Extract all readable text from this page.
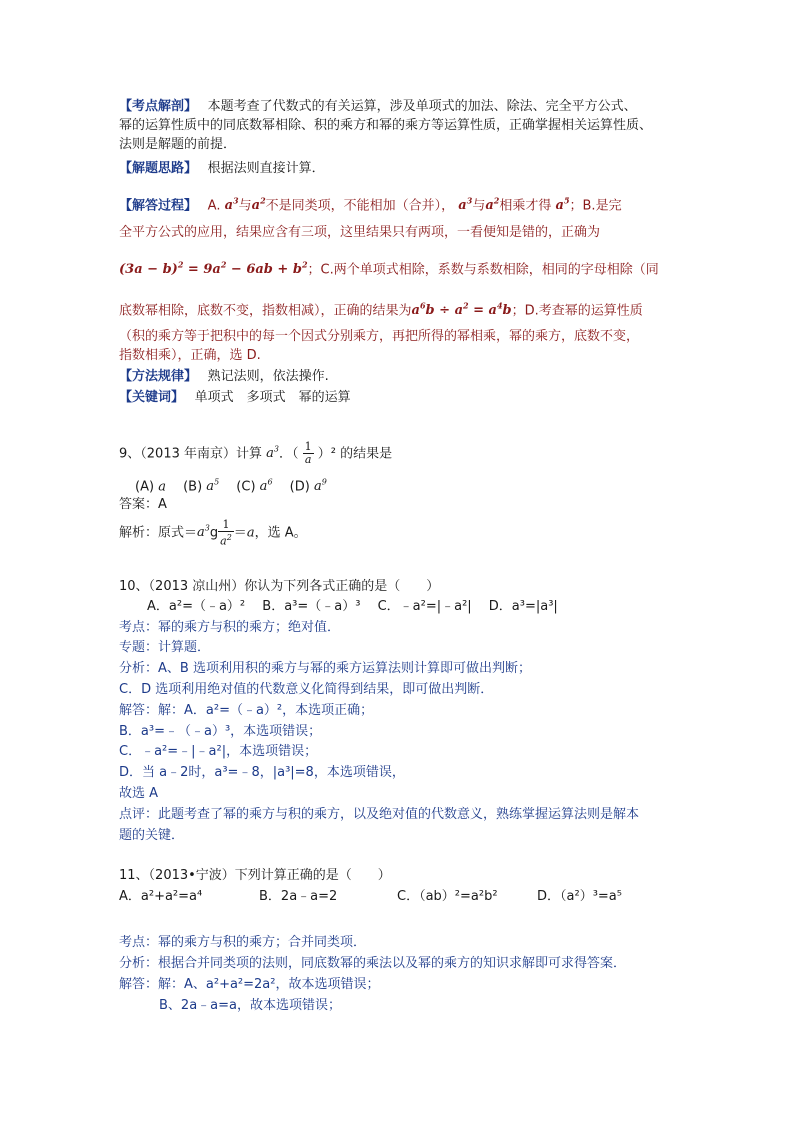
【考点解剖】　 本题考查了代数式的有关运算，涉及单项式的加法、除法、完全平方公式、
幂的运算性质中的同底数幂相除、积的乘方和幂的乘方等运算性质，正确掌握相关运算性质、
法则是解题的前提．
【解题思路】　 根据法则直接计算．
【解答过程】　 A. $a^3$与$a^2$不是同类项，不能相加（合并）， $a^3$与$a^2$相乘才得 $a^5$；B.是完
全平方公式的应用，结果应含有三项，这里结果只有两项，一看便知是错的，正确为
$(3a - b)^2 = 9a^2 - 6ab + b^2$；C.两个单项式相除，系数与系数相除，相同的字母相除（同
底数幂相除，底数不变，指数相减），正确的结果为$a^6b \div a^2 = a^4b$；D.考查幂的运算性质
（积的乘方等于把积中的每一个因式分别乘方，再把所得的幂相乘，幂的乘方，底数不变，
指数相乘），正确，选 D.
【方法规律】　 熟记法则，依法操作.
【关键词】　 单项式　多项式　幂的运算
9、（2013 年南京）计算 $a^3$．（ $\frac{1}{a} )^2$ 的结果是
(A) a　 (B) $a^5$　 (C) $a^6$　 (D) $a^9$
答案：A
解析：原式$=a^3g \frac{1}{a^2} =a$，选 A。
10、（2013 凉山州）你认为下列各式正确的是（　　）
A．a²=（﹣a）²　 B．a³=（﹣a）³　 C．﹣a²=|﹣a²|　 D．a³=|a³|
考点：幂的乘方与积的乘方；绝对值．
专题：计算题．
分析：A、B 选项利用积的乘方与幂的乘方运算法则计算即可做出判断；
C．D 选项利用绝对值的代数意义化简得到结果，即可做出判断．
解答：解：A．a²=（﹣a）²，本选项正确；
B．a³=﹣（﹣a）³，本选项错误；
C．﹣a²=﹣|﹣a²|，本选项错误；
D．当 a﹣2时，a³=﹣8，|a³|=8，本选项错误，
故选 A
点评：此题考查了幂的乘方与积的乘方，以及绝对值的代数意义，熟练掌握运算法则是解本
题的关键．
11、（2013•宁波）下列计算正确的是（　　）
A．a²+a²=a⁴	B．2a﹣a=2	C．（ab）²=a²b²	D．（a²）³=a⁵
考点：幂的乘方与积的乘方；合并同类项．
分析：根据合并同类项的法则，同底数幂的乘法以及幂的乘方的知识求解即可求得答案．
解答：解：A、a²+a²=2a²，故本选项错误；
B、2a﹣a=a，故本选项错误；
